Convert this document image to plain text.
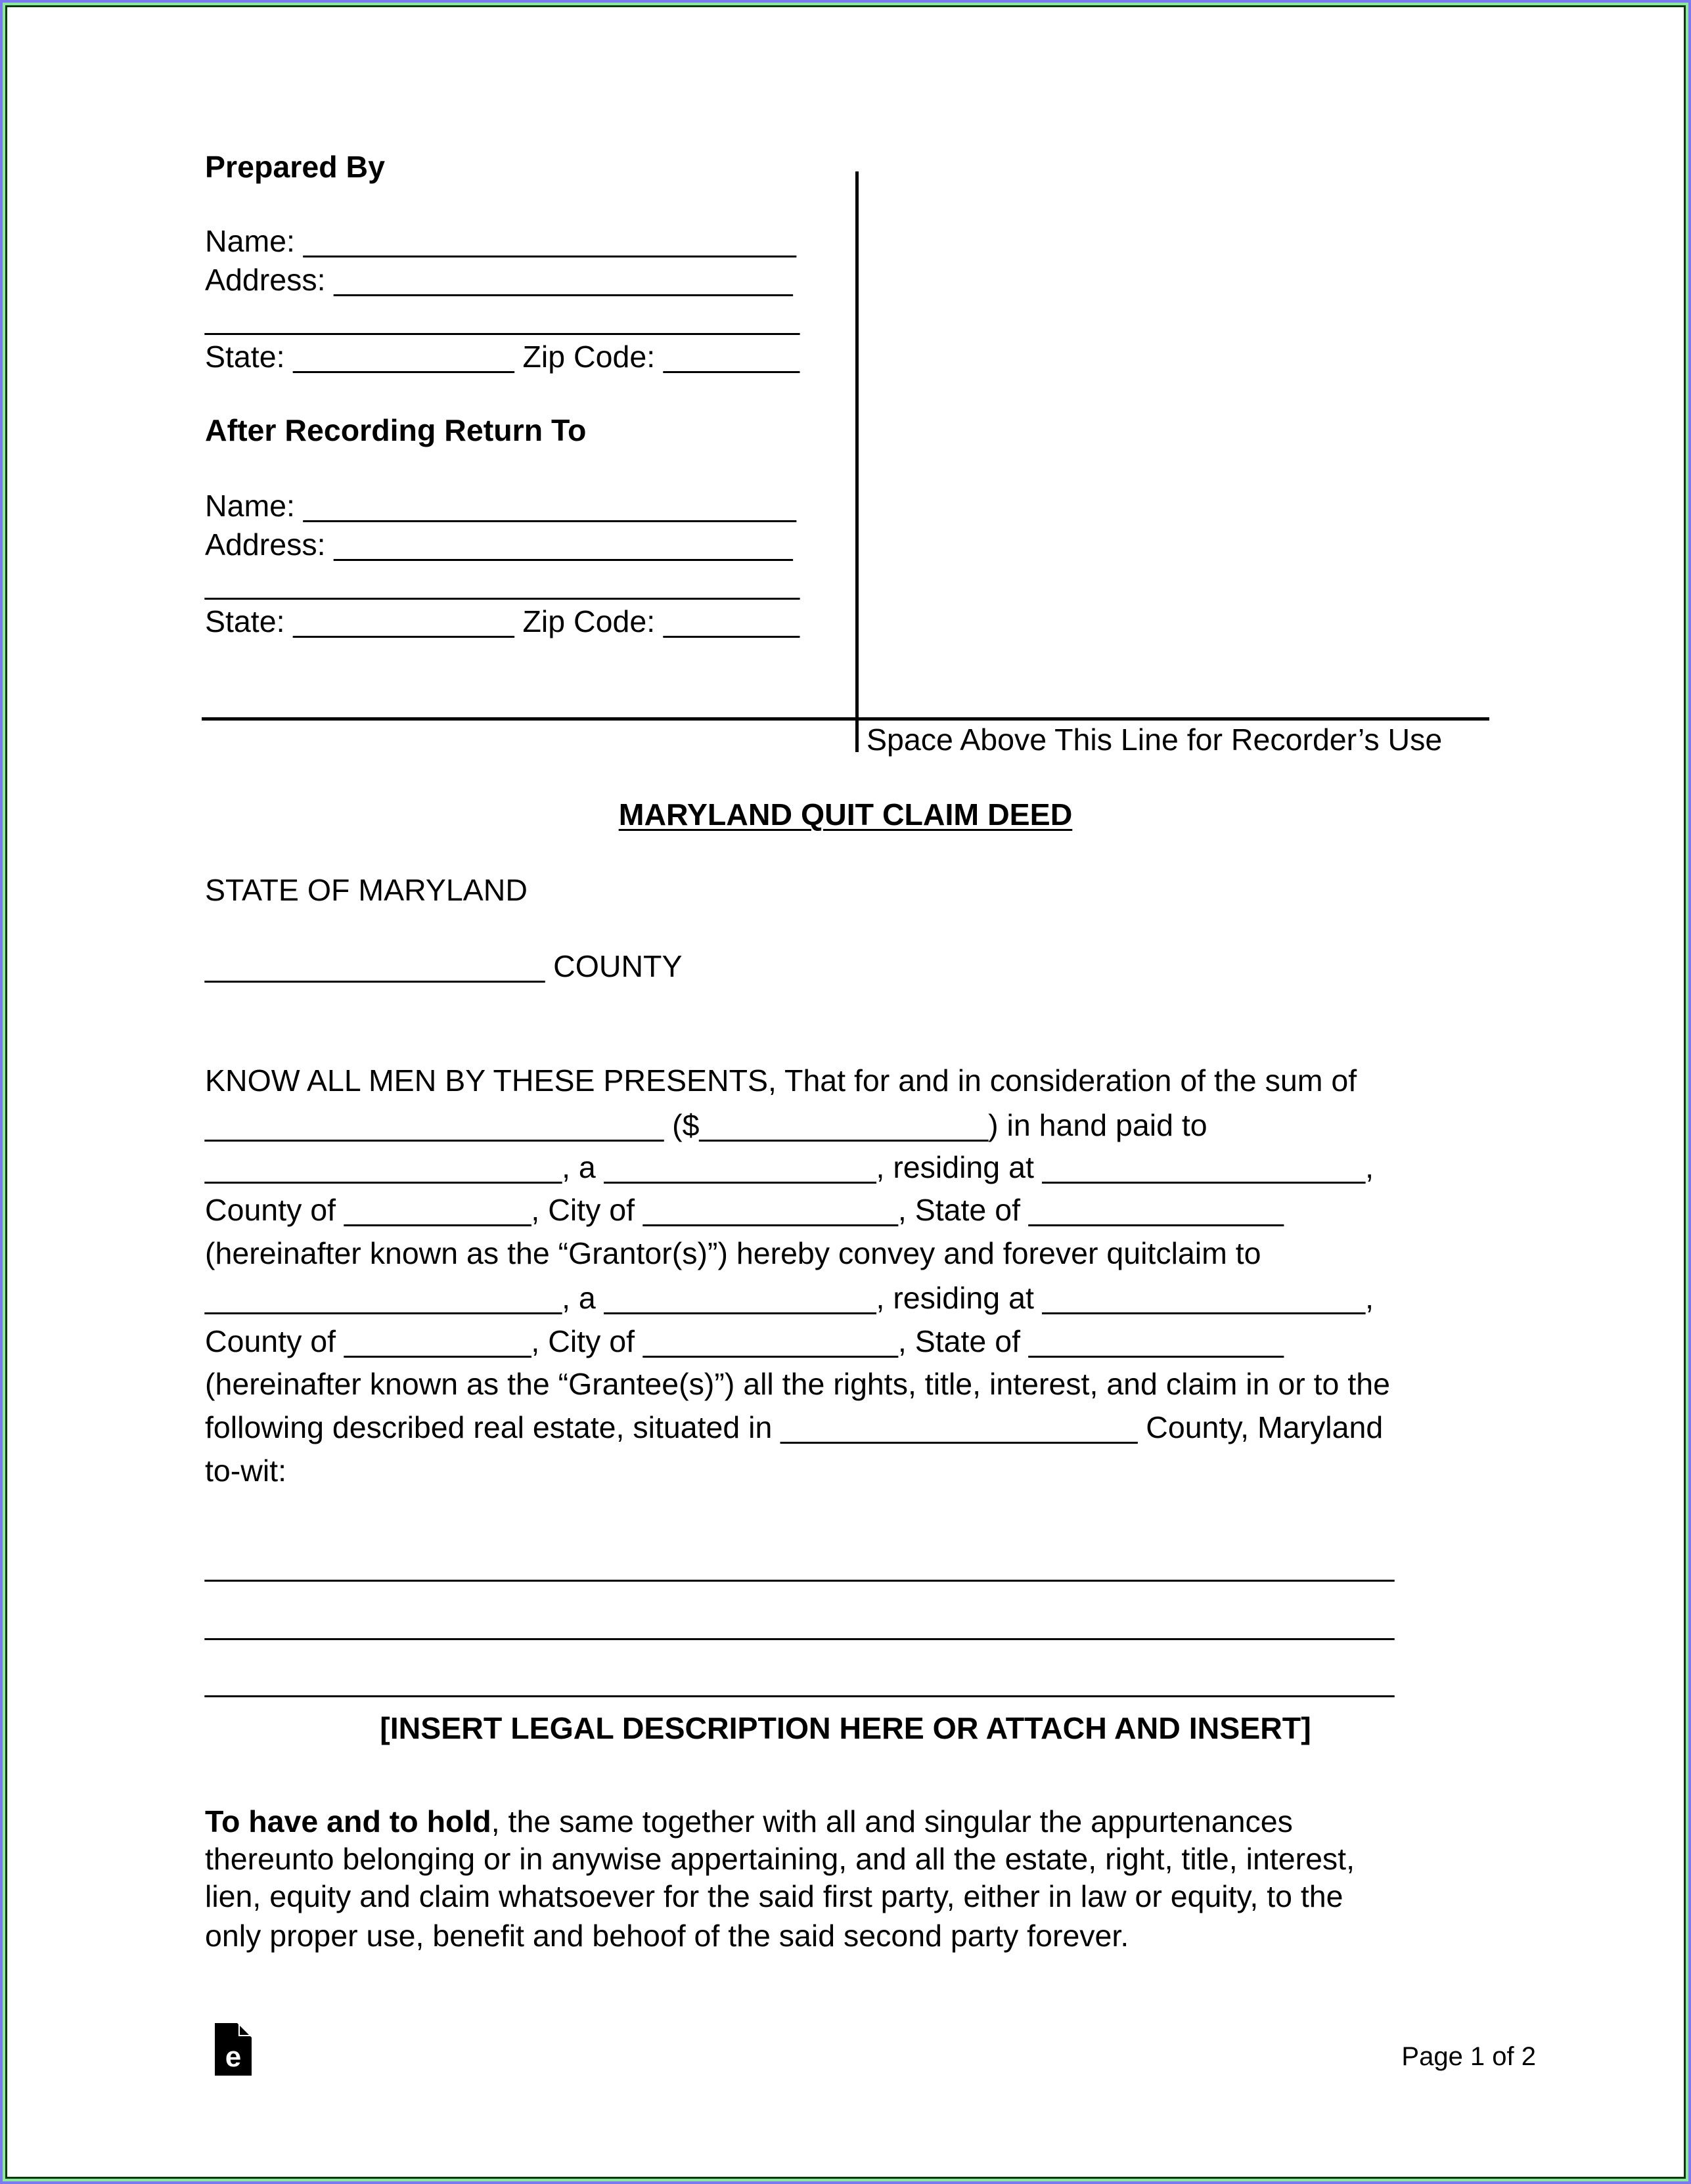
Prepared By
Name: _____________________________
Address: ___________________________
___________________________________
State: _____________ Zip Code: ________
After Recording Return To
Name: _____________________________
Address: ___________________________
___________________________________
State: _____________ Zip Code: ________
Space Above This Line for Recorder’s Use
MARYLAND QUIT CLAIM DEED
STATE OF MARYLAND
____________________ COUNTY
KNOW ALL MEN BY THESE PRESENTS, That for and in consideration of the sum of
___________________________ ($_________________) in hand paid to
_____________________, a ________________, residing at ___________________,
County of ___________, City of _______________, State of _______________
(hereinafter known as the “Grantor(s)”) hereby convey and forever quitclaim to
_____________________, a ________________, residing at ___________________,
County of ___________, City of _______________, State of _______________
(hereinafter known as the “Grantee(s)”) all the rights, title, interest, and claim in or to the
following described real estate, situated in _____________________ County, Maryland
to-wit:
______________________________________________________________________
______________________________________________________________________
______________________________________________________________________
[INSERT LEGAL DESCRIPTION HERE OR ATTACH AND INSERT]
To have and to hold, the same together with all and singular the appurtenances
thereunto belonging or in anywise appertaining, and all the estate, right, title, interest,
lien, equity and claim whatsoever for the said first party, either in law or equity, to the
only proper use, benefit and behoof of the said second party forever.
e	Page 1 of 2
